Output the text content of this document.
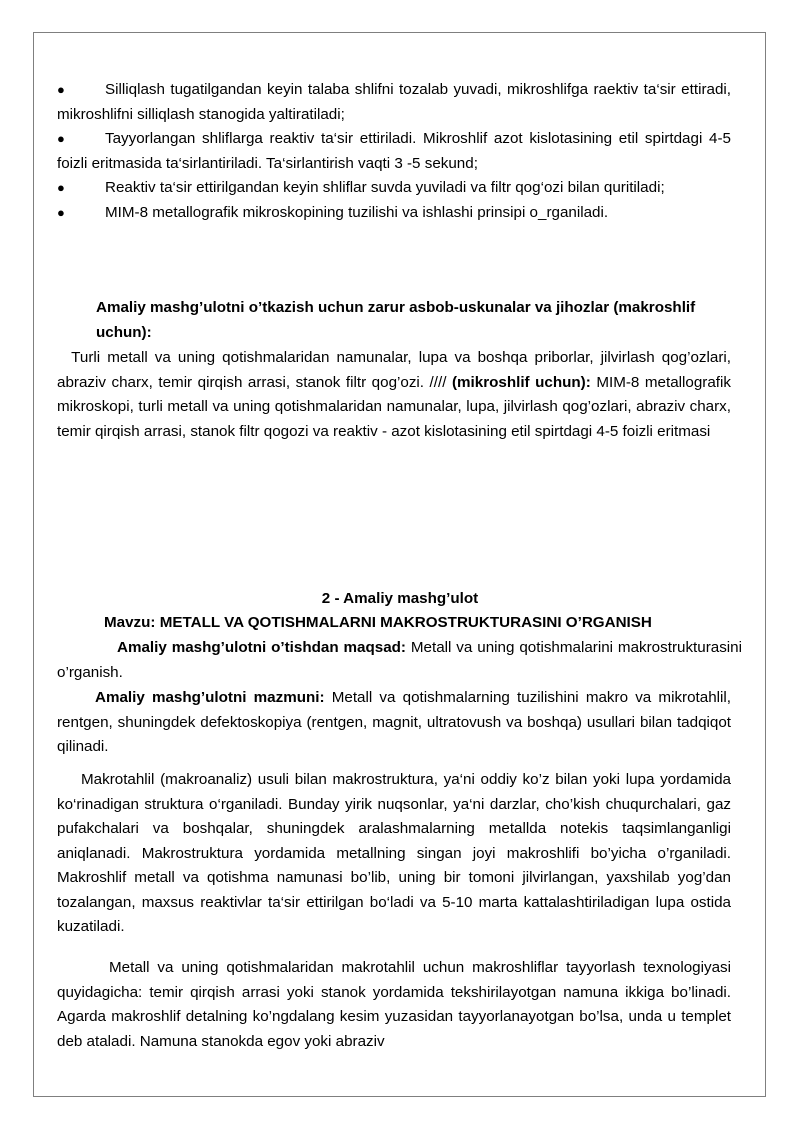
●	Silliqlash tugatilgandan keyin talaba shlifni tozalab yuvadi, mikroshlifga raektiv ta‘sir ettiradi, mikroshlifni silliqlash stanogida yaltiratiladi;

●	Tayyorlangan shliflarga reaktiv ta‘sir ettiriladi. Mikroshlif azot kislotasining etil spirtdagi 4-5 foizli eritmasida ta‘sirlantiriladi. Ta‘sirlantirish vaqti 3 -5 sekund;

●	Reaktiv ta‘sir ettirilgandan keyin shliflar suvda yuviladi va filtr qog‘ozi bilan quritiladi;

●	MIM-8 metallografik mikroskopining tuzilishi va ishlashi prinsipi o_rganiladi.

Amaliy mashg’ulotni o’tkazish uchun zarur asbob-uskunalar va jihozlar (makroshlif uchun):

Turli metall va uning qotishmalaridan namunalar, lupa va boshqa priborlar, jilvirlash qog’ozlari, abraziv charx, temir qirqish arrasi, stanok filtr qog’ozi. //// (mikroshlif uchun): MIM-8 metallografik mikroskopi, turli metall va uning qotishmalaridan namunalar, lupa, jilvirlash qog’ozlari, abraziv charx, temir qirqish arrasi, stanok filtr qogozi va reaktiv - azot kislotasining etil spirtdagi 4-5 foizli eritmasi

2 - Amaliy mashg’ulot
Mavzu: METALL VA QOTISHMALARNI MAKROSTRUKTURASINI O’RGANISH

Amaliy mashg’ulotni o’tishdan maqsad: Metall va uning qotishmalarini makrostrukturasini o’rganish.

Amaliy mashg’ulotni mazmuni: Metall va qotishmalarning tuzilishini makro va mikrotahlil, rentgen, shuningdek defektoskopiya (rentgen, magnit, ultratovush va boshqa) usullari bilan tadqiqot qilinadi.

Makrotahlil (makroanaliz) usuli bilan makrostruktura, ya‘ni oddiy ko’z bilan yoki lupa yordamida ko‘rinadigan struktura o‘rganiladi. Bunday yirik nuqsonlar, ya‘ni darzlar, cho’kish chuqurchalari, gaz pufakchalari va boshqalar, shuningdek aralashmalarning metallda notekis taqsimlanganligi aniqlanadi. Makrostruktura yordamida metallning singan joyi makroshlifi bo’yicha o’rganiladi. Makroshlif metall va qotishma namunasi bo’lib, uning bir tomoni jilvirlangan, yaxshilab yog’dan tozalangan, maxsus reaktivlar ta‘sir ettirilgan bo‘ladi va 5-10 marta kattalashtiriladigan lupa ostida kuzatiladi.

Metall va uning qotishmalaridan makrotahlil uchun makroshliflar tayyorlash texnologiyasi quyidagicha: temir qirqish arrasi yoki stanok yordamida tekshirilayotgan namuna ikkiga bo’linadi. Agarda makroshlif detalning ko’ngdalang kesim yuzasidan tayyorlanayotgan bo’lsa, unda u templet deb ataladi. Namuna stanokda egov yoki abraziv
